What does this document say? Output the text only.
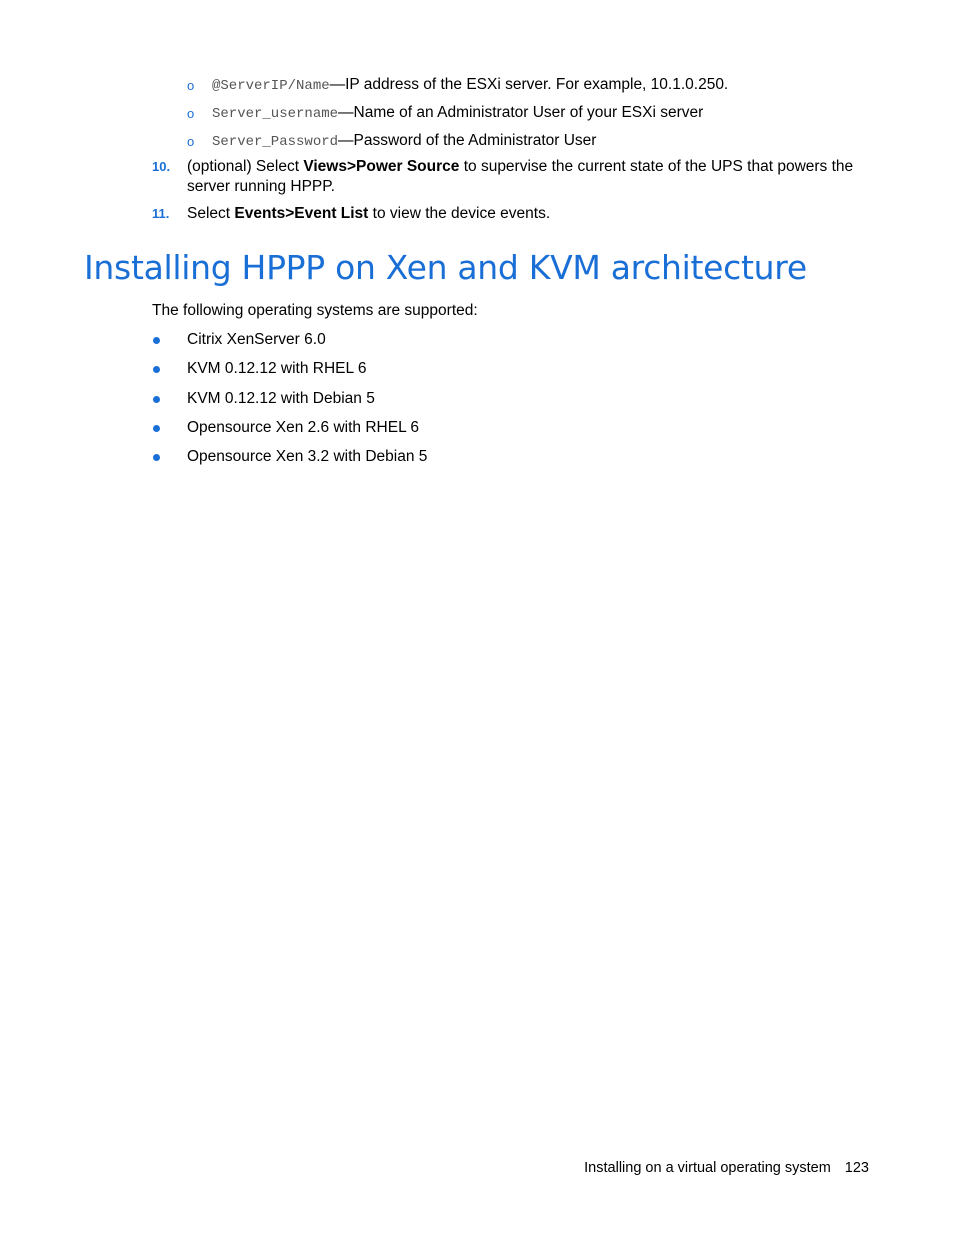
o @ServerIP/Name—IP address of the ESXi server. For example, 10.1.0.250.
o Server_username—Name of an Administrator User of your ESXi server
o Server_Password—Password of the Administrator User
10. (optional) Select Views>Power Source to supervise the current state of the UPS that powers the server running HPPP.
11. Select Events>Event List to view the device events.
Installing HPPP on Xen and KVM architecture

The following operating systems are supported:

Citrix XenServer 6.0
KVM 0.12.12 with RHEL 6
KVM 0.12.12 with Debian 5
Opensource Xen 2.6 with RHEL 6
Opensource Xen 3.2 with Debian 5
Installing on a virtual operating system 123
